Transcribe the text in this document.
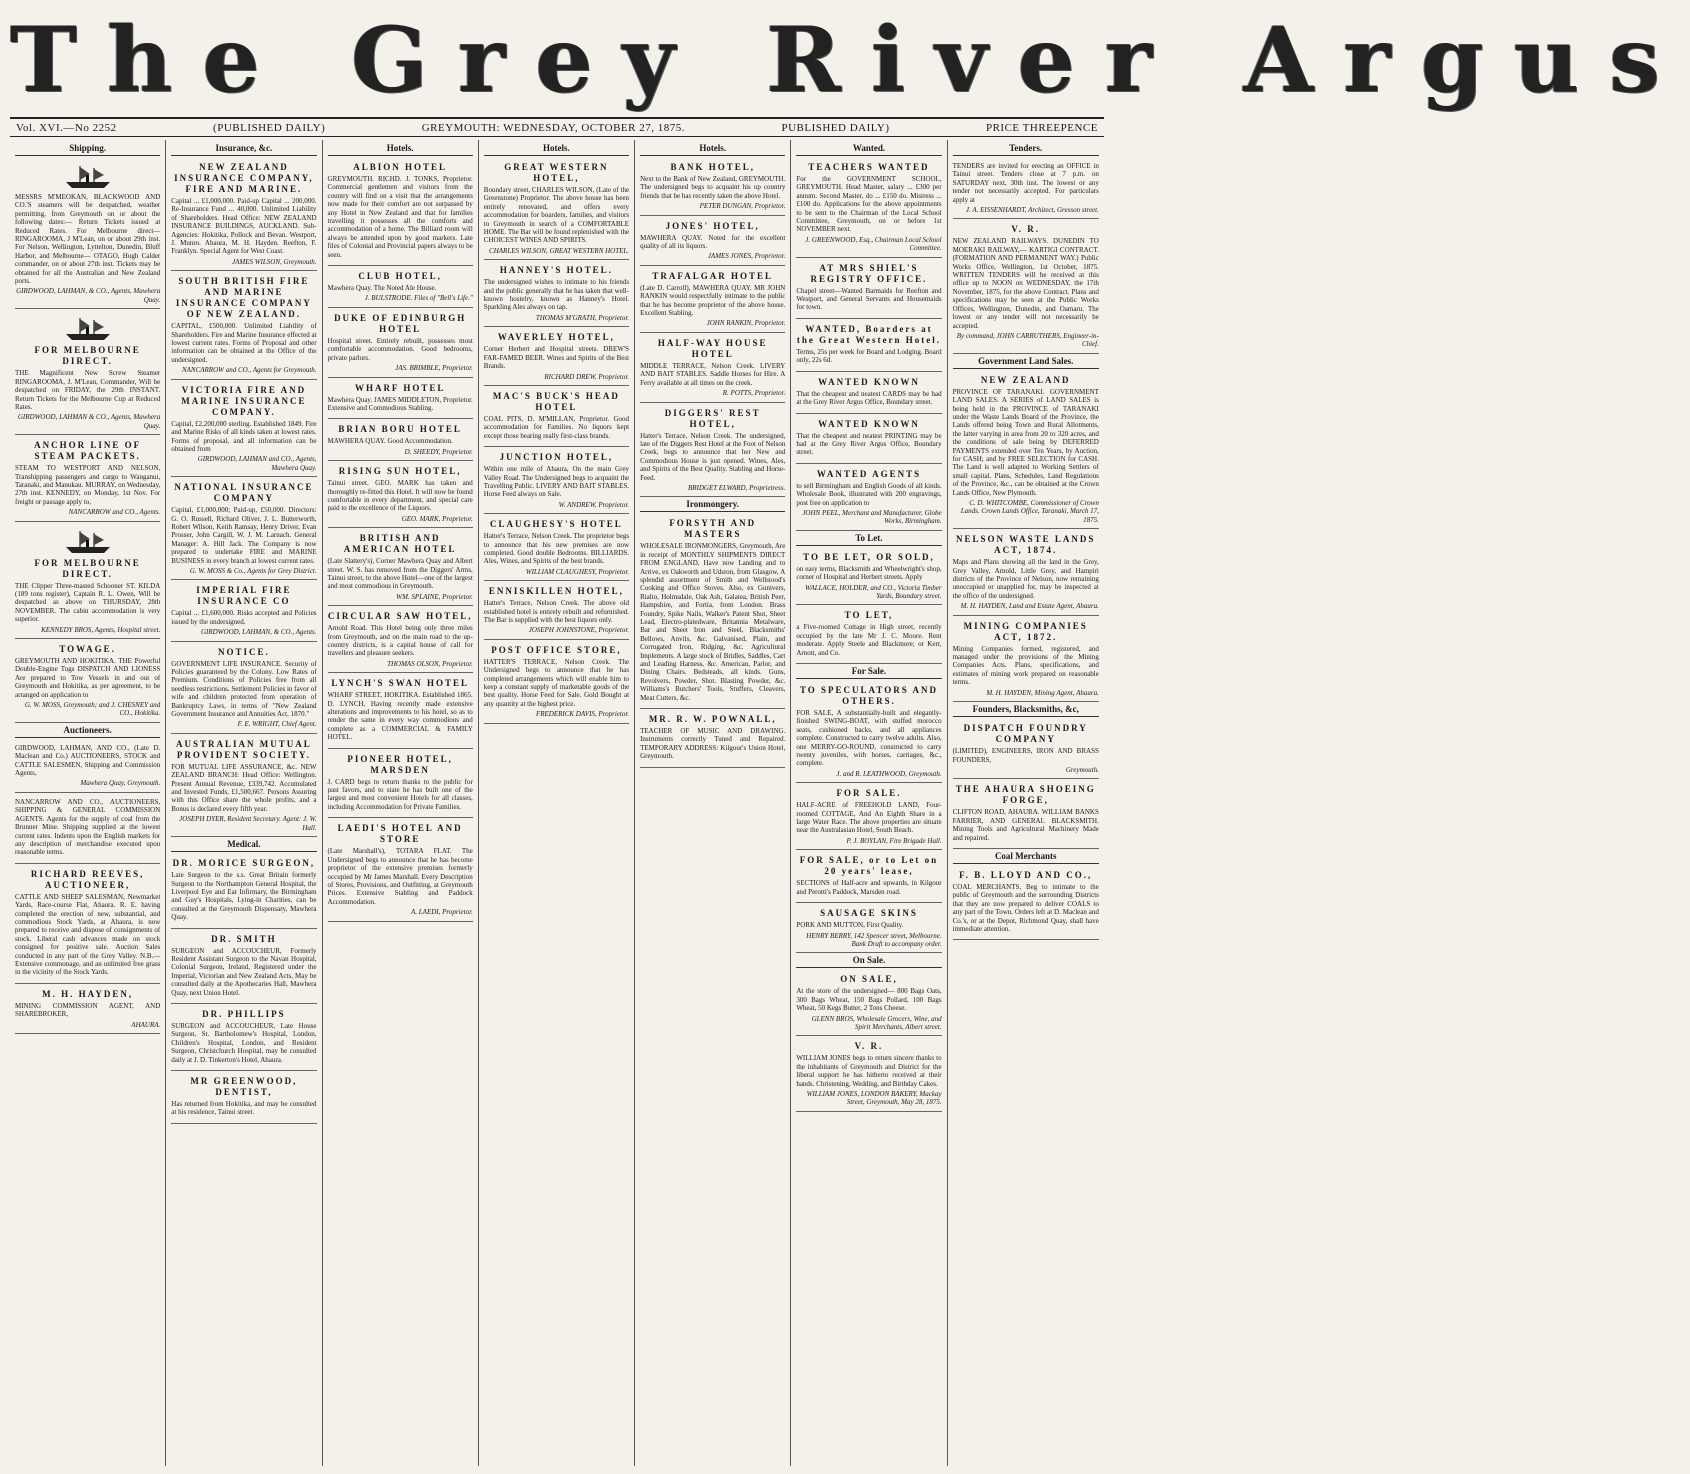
The Grey River Argus
Vol. XVI.—No 2252	(PUBLISHED DAILY)	GREYMOUTH: WEDNESDAY, OCTOBER 27, 1875.	PUBLISHED DAILY)	PRICE THREEPENCE
Shipping.
MESSRS M'MEOKAN, BLACKWOOD AND CO.'S steamers will be despatched, weather permitting, from Greymouth on or about the following dates:— Return Tickets issued at Reduced Rates. For Melbourne direct— RINGAROOMA, J M'Lean, on or about 29th inst. For Nelson, Wellington, Lyttelton, Dunedin, Bluff Harbor, and Melbourne— OTAGO, Hugh Calder commander, on or about 27th inst. Tickets may be obtained for all the Australian and New Zealand ports.
GIRDWOOD, LAHMAN, & CO., Agents, Mawhera Quay.
FOR MELBOURNE DIRECT.
THE Magnificent New Screw Steamer RINGAROOMA, J. M'Lean, Commander, Will be despatched on FRIDAY, the 29th INSTANT. Return Tickets for the Melbourne Cup at Reduced Rates.
GIRDWOOD, LAHMAN & CO., Agents, Mawhera Quay.
ANCHOR LINE OF STEAM PACKETS.
STEAM TO WESTPORT AND NELSON, Transhipping passengers and cargo to Wanganui, Taranaki, and Manukau. MURRAY, on Wednesday, 27th inst. KENNEDY, on Monday, 1st Nov. For freight or passage apply to,
NANCARROW and CO., Agents.
FOR MELBOURNE DIRECT.
THE Clipper Three-masted Schooner ST. KILDA (189 tons register), Captain R. L. Owen, Will be despatched as above on THURSDAY, 28th NOVEMBER. The cabin accommodation is very superior.
KENNEDY BROS, Agents, Hospital street.
TOWAGE.
GREYMOUTH AND HOKITIKA. THE Powerful Double-Engine Tugs DISPATCH AND LIONESS Are prepared to Tow Vessels in and out of Greymouth and Hokitika, as per agreement, to be arranged on application to
G. W. MOSS, Greymouth; and J. CHESNEY and CO., Hokitika.
Auctioneers.
GIRDWOOD, LAHMAN, AND CO., (Late D. Maclean and Co.) AUCTIONEERS, STOCK and CATTLE SALESMEN, Shipping and Commission Agents,
Mawhera Quay, Greymouth.
NANCARROW AND CO., AUCTIONEERS, SHIPPING & GENERAL COMMISSION AGENTS. Agents for the supply of coal from the Brunner Mine. Shipping supplied at the lowest current rates. Indents upon the English markets for any description of merchandise executed upon reasonable terms.
RICHARD REEVES, AUCTIONEER,
CATTLE AND SHEEP SALESMAN, Newmarket Yards, Race-course Flat, Ahaura. R. E. having completed the erection of new, substantial, and commodious Stock Yards, at Ahaura, is now prepared to receive and dispose of consignments of stock. Liberal cash advances made on stock consigned for positive sale. Auction Sales conducted in any part of the Grey Valley. N.B.—Extensive commonage, and an unlimited free grass in the vicinity of the Stock Yards.
M. H. HAYDEN,
MINING COMMISSION AGENT, AND SHAREBROKER,
AHAURA.
Insurance, &c.
NEW ZEALAND INSURANCE COMPANY, FIRE AND MARINE.
Capital ... £1,000,000. Paid-up Capital ... 200,000. Re-Insurance Fund ... 40,000. Unlimited Liability of Shareholders. Head Office: NEW ZEALAND INSURANCE BUILDINGS, AUCKLAND. Sub-Agencies: Hokitika, Pollock and Bevan. Westport, J. Munro. Ahaura, M. H. Hayden. Reefton, F. Franklyn. Special Agent for West Coast.
JAMES WILSON, Greymouth.
SOUTH BRITISH FIRE AND MARINE INSURANCE COMPANY OF NEW ZEALAND.
CAPITAL, £500,000. Unlimited Liability of Shareholders. Fire and Marine Insurance effected at lowest current rates. Forms of Proposal and other information can be obtained at the Office of the undersigned.
NANCARROW and CO., Agents for Greymouth.
VICTORIA FIRE AND MARINE INSURANCE COMPANY.
Capital, £2,200,000 sterling. Established 1849. Fire and Marine Risks of all kinds taken at lowest rates. Forms of proposal, and all information can be obtained from
GIRDWOOD, LAHMAN and CO., Agents, Mawhera Quay.
NATIONAL INSURANCE COMPANY
Capital, £1,000,000; Paid-up, £50,000. Directors: G. O. Russell, Richard Oliver, J. L. Butterworth, Robert Wilson, Keith Ramsay, Henry Driver, Evan Prosser, John Cargill, W. J. M. Larnach. General Manager: A. Hill Jack. The Company is now prepared to undertake FIRE and MARINE BUSINESS in every branch at lowest current rates.
G. W. MOSS & Co., Agents for Grey District.
IMPERIAL FIRE INSURANCE CO
Capital ... £1,600,000. Risks accepted and Policies issued by the undersigned.
GIRDWOOD, LAHMAN, & CO., Agents.
NOTICE.
GOVERNMENT LIFE INSURANCE. Security of Policies guaranteed by the Colony. Low Rates of Premium. Conditions of Policies free from all needless restrictions. Settlement Policies in favor of wife and children protected from operation of Bankruptcy Laws, in terms of "New Zealand Government Insurance and Annuities Act, 1870."
F. E. WRIGHT, Chief Agent.
AUSTRALIAN MUTUAL PROVIDENT SOCIETY.
FOR MUTUAL LIFE ASSURANCE, &c. NEW ZEALAND BRANCH: Head Office: Wellington. Present Annual Revenue, £339,742. Accumulated and Invested Funds, £1,500,667. Persons Assuring with this Office share the whole profits, and a Bonus is declared every fifth year.
JOSEPH DYER, Resident Secretary. Agent: J. W. Hall.
Medical.
DR. MORICE SURGEON,
Late Surgeon to the s.s. Great Britain formerly Surgeon to the Northampton General Hospital, the Liverpool Eye and Ear Infirmary, the Birmingham and Guy's Hospitals, Lying-in Charities, can be consulted at the Greymouth Dispensary, Mawhera Quay.
DR. SMITH
SURGEON and ACCOUCHEUR, Formerly Resident Assistant Surgeon to the Navan Hospital, Colonial Surgeon, Ireland, Registered under the Imperial, Victorian and New Zealand Acts, May be consulted daily at the Apothecaries Hall, Mawhera Quay, next Union Hotel.
DR. PHILLIPS
SURGEON and ACCOUCHEUR, Late House Surgeon, St. Bartholomew's Hospital, London, Children's Hospital, London, and Resident Surgeon, Christchurch Hospital, may be consulted daily at J. D. Tinkerton's Hotel, Ahaura.
MR GREENWOOD, DENTIST,
Has returned from Hokitika, and may be consulted at his residence, Tainui street.
Hotels.
ALBION HOTEL
GREYMOUTH. RICHD. J. TONKS, Proprietor. Commercial gentlemen and visitors from the country will find on a visit that the arrangements now made for their comfort are not surpassed by any Hotel in New Zealand and that for families travelling it possesses all the comforts and accommodation of a home. The Billiard room will always be attended upon by good markers. Late files of Colonial and Provincial papers always to be seen.
CLUB HOTEL,
Mawhera Quay. The Noted Ale House.
J. BULSTRODE. Files of "Bell's Life."
DUKE OF EDINBURGH HOTEL
Hospital street. Entirely rebuilt, possesses most comfortable accommodation. Good bedrooms, private parlors.
JAS. BRIMBLE, Proprietor.
WHARF HOTEL
Mawhera Quay. JAMES MIDDLETON, Proprietor. Extensive and Commodious Stabling.
BRIAN BORU HOTEL
MAWHERA QUAY. Good Accommodation.
D. SHEEDY, Proprietor.
RISING SUN HOTEL,
Tainui street. GEO. MARK has taken and thoroughly re-fitted this Hotel. It will now be found comfortable in every department, and special care paid to the excellence of the Liquors.
GEO. MARK, Proprietor.
BRITISH AND AMERICAN HOTEL
(Late Slattery's), Corner Mawhera Quay and Albert street. W. S. has removed from the Diggers' Arms, Tainui street, to the above Hotel—one of the largest and most commodious in Greymouth.
WM. SPLAINE, Proprietor.
CIRCULAR SAW HOTEL,
Arnold Road. This Hotel being only three miles from Greymouth, and on the main road to the up-country districts, is a capital house of call for travellers and pleasure seekers.
THOMAS OLSON, Proprietor.
LYNCH'S SWAN HOTEL
WHARF STREET, HOKITIKA. Established 1865. D. LYNCH, Having recently made extensive alterations and improvements to his hotel, so as to render the same in every way commodious and complete as a COMMERCIAL & FAMILY HOTEL.
PIONEER HOTEL, MARSDEN
J. CARD begs to return thanks to the public for past favors, and to state he has built one of the largest and most convenient Hotels for all classes, including Accommodation for Private Families.
LAEDI'S HOTEL AND STORE
(Late Marshall's), TOTARA FLAT. The Undersigned begs to announce that he has become proprietor of the extensive premises formerly occupied by Mr James Marshall. Every Description of Stores, Provisions, and Outfitting, at Greymouth Prices. Extensive Stabling and Paddock Accommodation.
A. LAEDI, Proprietor.
Hotels.
GREAT WESTERN HOTEL,
Boundary street, CHARLES WILSON, (Late of the Greenstone) Proprietor. The above house has been entirely renovated, and offers every accommodation for boarders, families, and visitors to Greymouth in search of a COMFORTABLE HOME. The Bar will be found replenished with the CHOICEST WINES AND SPIRITS.
CHARLES WILSON, GREAT WESTERN HOTEL.
HANNEY'S HOTEL.
The undersigned wishes to intimate to his friends and the public generally that he has taken that well-known hostelry, known as Hanney's Hotel. Sparkling Ales always on tap.
THOMAS M'GRATH, Proprietor.
WAVERLEY HOTEL,
Corner Herbert and Hospital streets. DREW'S FAR-FAMED BEER. Wines and Spirits of the Best Brands.
RICHARD DREW, Proprietor.
MAC'S BUCK'S HEAD HOTEL
COAL PITS, D. M'MILLAN, Proprietor. Good accommodation for Families. No liquors kept except those bearing really first-class brands.
JUNCTION HOTEL,
Within one mile of Ahaura, On the main Grey Valley Road. The Undersigned begs to acquaint the Travelling Public. LIVERY AND BAIT STABLES. Horse Feed always on Sale.
W. ANDREW, Proprietor.
CLAUGHESY'S HOTEL
Hatter's Terrace, Nelson Creek. The proprietor begs to announce that his new premises are now completed. Good double Bedrooms. BILLIARDS. Ales, Wines, and Spirits of the best brands.
WILLIAM CLAUGHESY, Proprietor.
ENNISKILLEN HOTEL,
Hatter's Terrace, Nelson Creek. The above old established hotel is entirely rebuilt and refurnished. The Bar is supplied with the best liquors only.
JOSEPH JOHNSTONE, Proprietor.
POST OFFICE STORE,
HATTER'S TERRACE, Nelson Creek. The Undersigned begs to announce that he has completed arrangements which will enable him to keep a constant supply of marketable goods of the best quality. Horse Feed for Sale. Gold Bought at any quantity at the highest price.
FREDERICK DAVIS, Proprietor.
Hotels.
BANK HOTEL,
Next to the Bank of New Zealand, GREYMOUTH. The undersigned begs to acquaint his up country friends that he has recently taken the above Hotel.
PETER DUNGAN, Proprietor.
JONES' HOTEL,
MAWHERA QUAY. Noted for the excellent quality of all its liquors.
JAMES JONES, Proprietor.
TRAFALGAR HOTEL
(Late D. Carroll), MAWHERA QUAY. MR JOHN RANKIN would respectfully intimate to the public that he has become proprietor of the above house. Excellent Stabling.
JOHN RANKIN, Proprietor.
HALF-WAY HOUSE HOTEL
MIDDLE TERRACE, Nelson Creek. LIVERY AND BAIT STABLES. Saddle Horses for Hire. A Ferry available at all times on the creek.
R. POTTS, Proprietor.
DIGGERS' REST HOTEL,
Hatter's Terrace, Nelson Creek. The undersigned, late of the Diggers Rest Hotel at the Foot of Nelson Creek, begs to announce that her New and Commodious House is just opened. Wines, Ales, and Spirits of the Best Quality. Stabling and Horse-Feed.
BRIDGET ELWARD, Proprietress.
Ironmongery.
FORSYTH AND MASTERS
WHOLESALE IRONMONGERS, Greymouth, Are in receipt of MONTHLY SHIPMENTS DIRECT FROM ENGLAND, Have now Landing and to Arrive, ex Oakworth and Udston, from Glasgow, A splendid assortment of Smith and Wellstood's Cooking and Office Stoves. Also, ex Gunivers, Rialto, Holmsdale, Oak Ash, Galatea, British Peer, Hampshire, and Fortia, from London. Brass Foundry, Spike Nails, Walker's Patent Shot, Sheet Lead, Electro-platedware, Britannia Metalware, Bar and Sheet Iron and Steel, Blacksmiths' Bellows, Anvils, &c. Galvanised, Plain, and Corrugated Iron, Ridging, &c. Agricultural Implements. A large stock of Bridles, Saddles, Cart and Leading Harness, &c. American, Parlor, and Dining Chairs. Bedsteads, all kinds. Guns, Revolvers, Powder, Shot. Blasting Powder, &c. Williams's Butchers' Tools, Stuffers, Cleavers, Meat Cutters, &c.
MR. R. W. POWNALL,
TEACHER OF MUSIC AND DRAWING. Instruments correctly Tuned and Repaired. TEMPORARY ADDRESS: Kilgour's Union Hotel, Greymouth.
Wanted.
TEACHERS WANTED
For the GOVERNMENT SCHOOL, GREYMOUTH. Head Master, salary ... £300 per annum. Second Master, do ... £150 do. Mistress ... £100 do. Applications for the above appointments to be sent to the Chairman of the Local School Committee, Greymouth, on or before 1st NOVEMBER next.
J. GREENWOOD, Esq., Chairman Local School Committee.
AT MRS SHIEL'S REGISTRY OFFICE.
Chapel street—Wanted Barmaids for Reefton and Westport, and General Servants and Housemaids for town.
WANTED, Boarders at the Great Western Hotel.
Terms, 25s per week for Board and Lodging. Board only, 22s 6d.
WANTED KNOWN
That the cheapest and neatest CARDS may be had at the Grey River Argus Office, Boundary street.
WANTED KNOWN
That the cheapest and neatest PRINTING may be had at the Grey River Argus Office, Boundary street.
WANTED AGENTS
to sell Birmingham and English Goods of all kinds. Wholesale Book, illustrated with 200 engravings, post free on application to
JOHN PEEL, Merchant and Manufacturer, Globe Works, Birmingham.
To Let.
TO BE LET, OR SOLD,
on easy terms, Blacksmith and Wheelwright's shop, corner of Hospital and Herbert streets. Apply
WALLACE, HOLDER, and CO., Victoria Timber Yards, Boundary street.
TO LET,
a Five-roomed Cottage in High street, recently occupied by the late Mr J. C. Moore. Rent moderate. Apply Steele and Blackmore; or Kerr, Arnott, and Co.
For Sale.
TO SPECULATORS AND OTHERS.
FOR SALE, A substantially-built and elegantly-finished SWING-BOAT, with stuffed morocco seats, cushioned backs, and all appliances complete. Constructed to carry twelve adults. Also, one MERRY-GO-ROUND, constructed to carry twenty juveniles, with horses, carriages, &c., complete.
J. and R. LEATHWOOD, Greymouth.
FOR SALE.
HALF-ACRE of FREEHOLD LAND, Four-roomed COTTAGE, And An Eighth Share in a large Water Race. The above properties are situate near the Australasian Hotel, South Beach.
P. J. BOYLAN, Fire Brigade Hall.
FOR SALE, or to Let on 20 years' lease,
SECTIONS of Half-acre and upwards, in Kilgour and Perotti's Paddock, Marsden road.
SAUSAGE SKINS
PORK AND MUTTON, First Quality.
HENRY BERRY, 142 Spencer street, Melbourne. Bank Draft to accompany order.
On Sale.
ON SALE,
At the store of the undersigned— 800 Bags Oats, 300 Bags Wheat, 150 Bags Pollard, 100 Bags Wheat, 50 Kegs Butter, 2 Tons Cheese.
GLENN BROS, Wholesale Grocers, Wine, and Spirit Merchants, Albert street.
V. R.
WILLIAM JONES begs to return sincere thanks to the inhabitants of Greymouth and District for the liberal support he has hitherto received at their hands. Christening, Wedding, and Birthday Cakes.
WILLIAM JONES, LONDON BAKERY, Mackay Street, Greymouth, May 28, 1875.
Tenders.
TENDERS are invited for erecting an OFFICE in Tainui street. Tenders close at 7 p.m. on SATURDAY next, 30th inst. The lowest or any tender not necessarily accepted. For particulars apply at
J. A. EISSENHARDT, Architect, Gresson street.
V. R.
NEW ZEALAND RAILWAYS. DUNEDIN TO MOERAKI RAILWAY,— KARTIGI CONTRACT. (FORMATION AND PERMANENT WAY.) Public Works Office, Wellington, 1st October, 1875. WRITTEN TENDERS will be received at this office up to NOON on WEDNESDAY, the 17th November, 1875, for the above Contract. Plans and specifications may be seen at the Public Works Offices, Wellington, Dunedin, and Oamaru. The lowest or any tender will not necessarily be accepted.
By command, JOHN CARRUTHERS, Engineer-in-Chief.
Government Land Sales.
NEW ZEALAND
PROVINCE OF TARANAKI. GOVERNMENT LAND SALES. A SERIES of LAND SALES is being held in the PROVINCE of TARANAKI under the Waste Lands Board of the Province, the Lands offered being Town and Rural Allotments, the latter varying in area from 20 to 320 acres, and the conditions of sale being by DEFERRED PAYMENTS extended over Ten Years, by Auction, for CASH; and by FREE SELECTION for CASH. The Land is well adapted to Working Settlers of small capital. Plans, Schedules, Land Regulations of the Province, &c., can be obtained at the Crown Lands Office, New Plymouth.
C. D. WHITCOMBE, Commissioner of Crown Lands. Crown Lands Office, Taranaki, March 17, 1875.
NELSON WASTE LANDS ACT, 1874.
Maps and Plans showing all the land in the Grey, Grey Valley, Arnold, Little Grey, and Hampiri districts of the Province of Nelson, now remaining unoccupied or unapplied for, may be inspected at the office of the undersigned.
M. H. HAYDEN, Land and Estate Agent, Ahaura.
MINING COMPANIES ACT, 1872.
Mining Companies formed, registered, and managed under the provisions of the Mining Companies Acts. Plans, specifications, and estimates of mining work prepared on reasonable terms.
M. H. HAYDEN, Mining Agent, Ahaura.
Founders, Blacksmiths, &c,
DISPATCH FOUNDRY COMPANY
(LIMITED), ENGINEERS, IRON AND BRASS FOUNDERS,
Greymouth.
THE AHAURA SHOEING FORGE,
CLIFTON ROAD, AHAURA. WILLIAM BANKS FARRIER, AND GENERAL BLACKSMITH. Mining Tools and Agricultural Machinery Made and repaired.
Coal Merchants
F. B. LLOYD AND CO.,
COAL MERCHANTS, Beg to intimate to the public of Greymouth and the surrounding Districts that they are now prepared to deliver COALS to any part of the Town. Orders left at D. Maclean and Co.'s, or at the Depot, Richmond Quay, shall have immediate attention.
